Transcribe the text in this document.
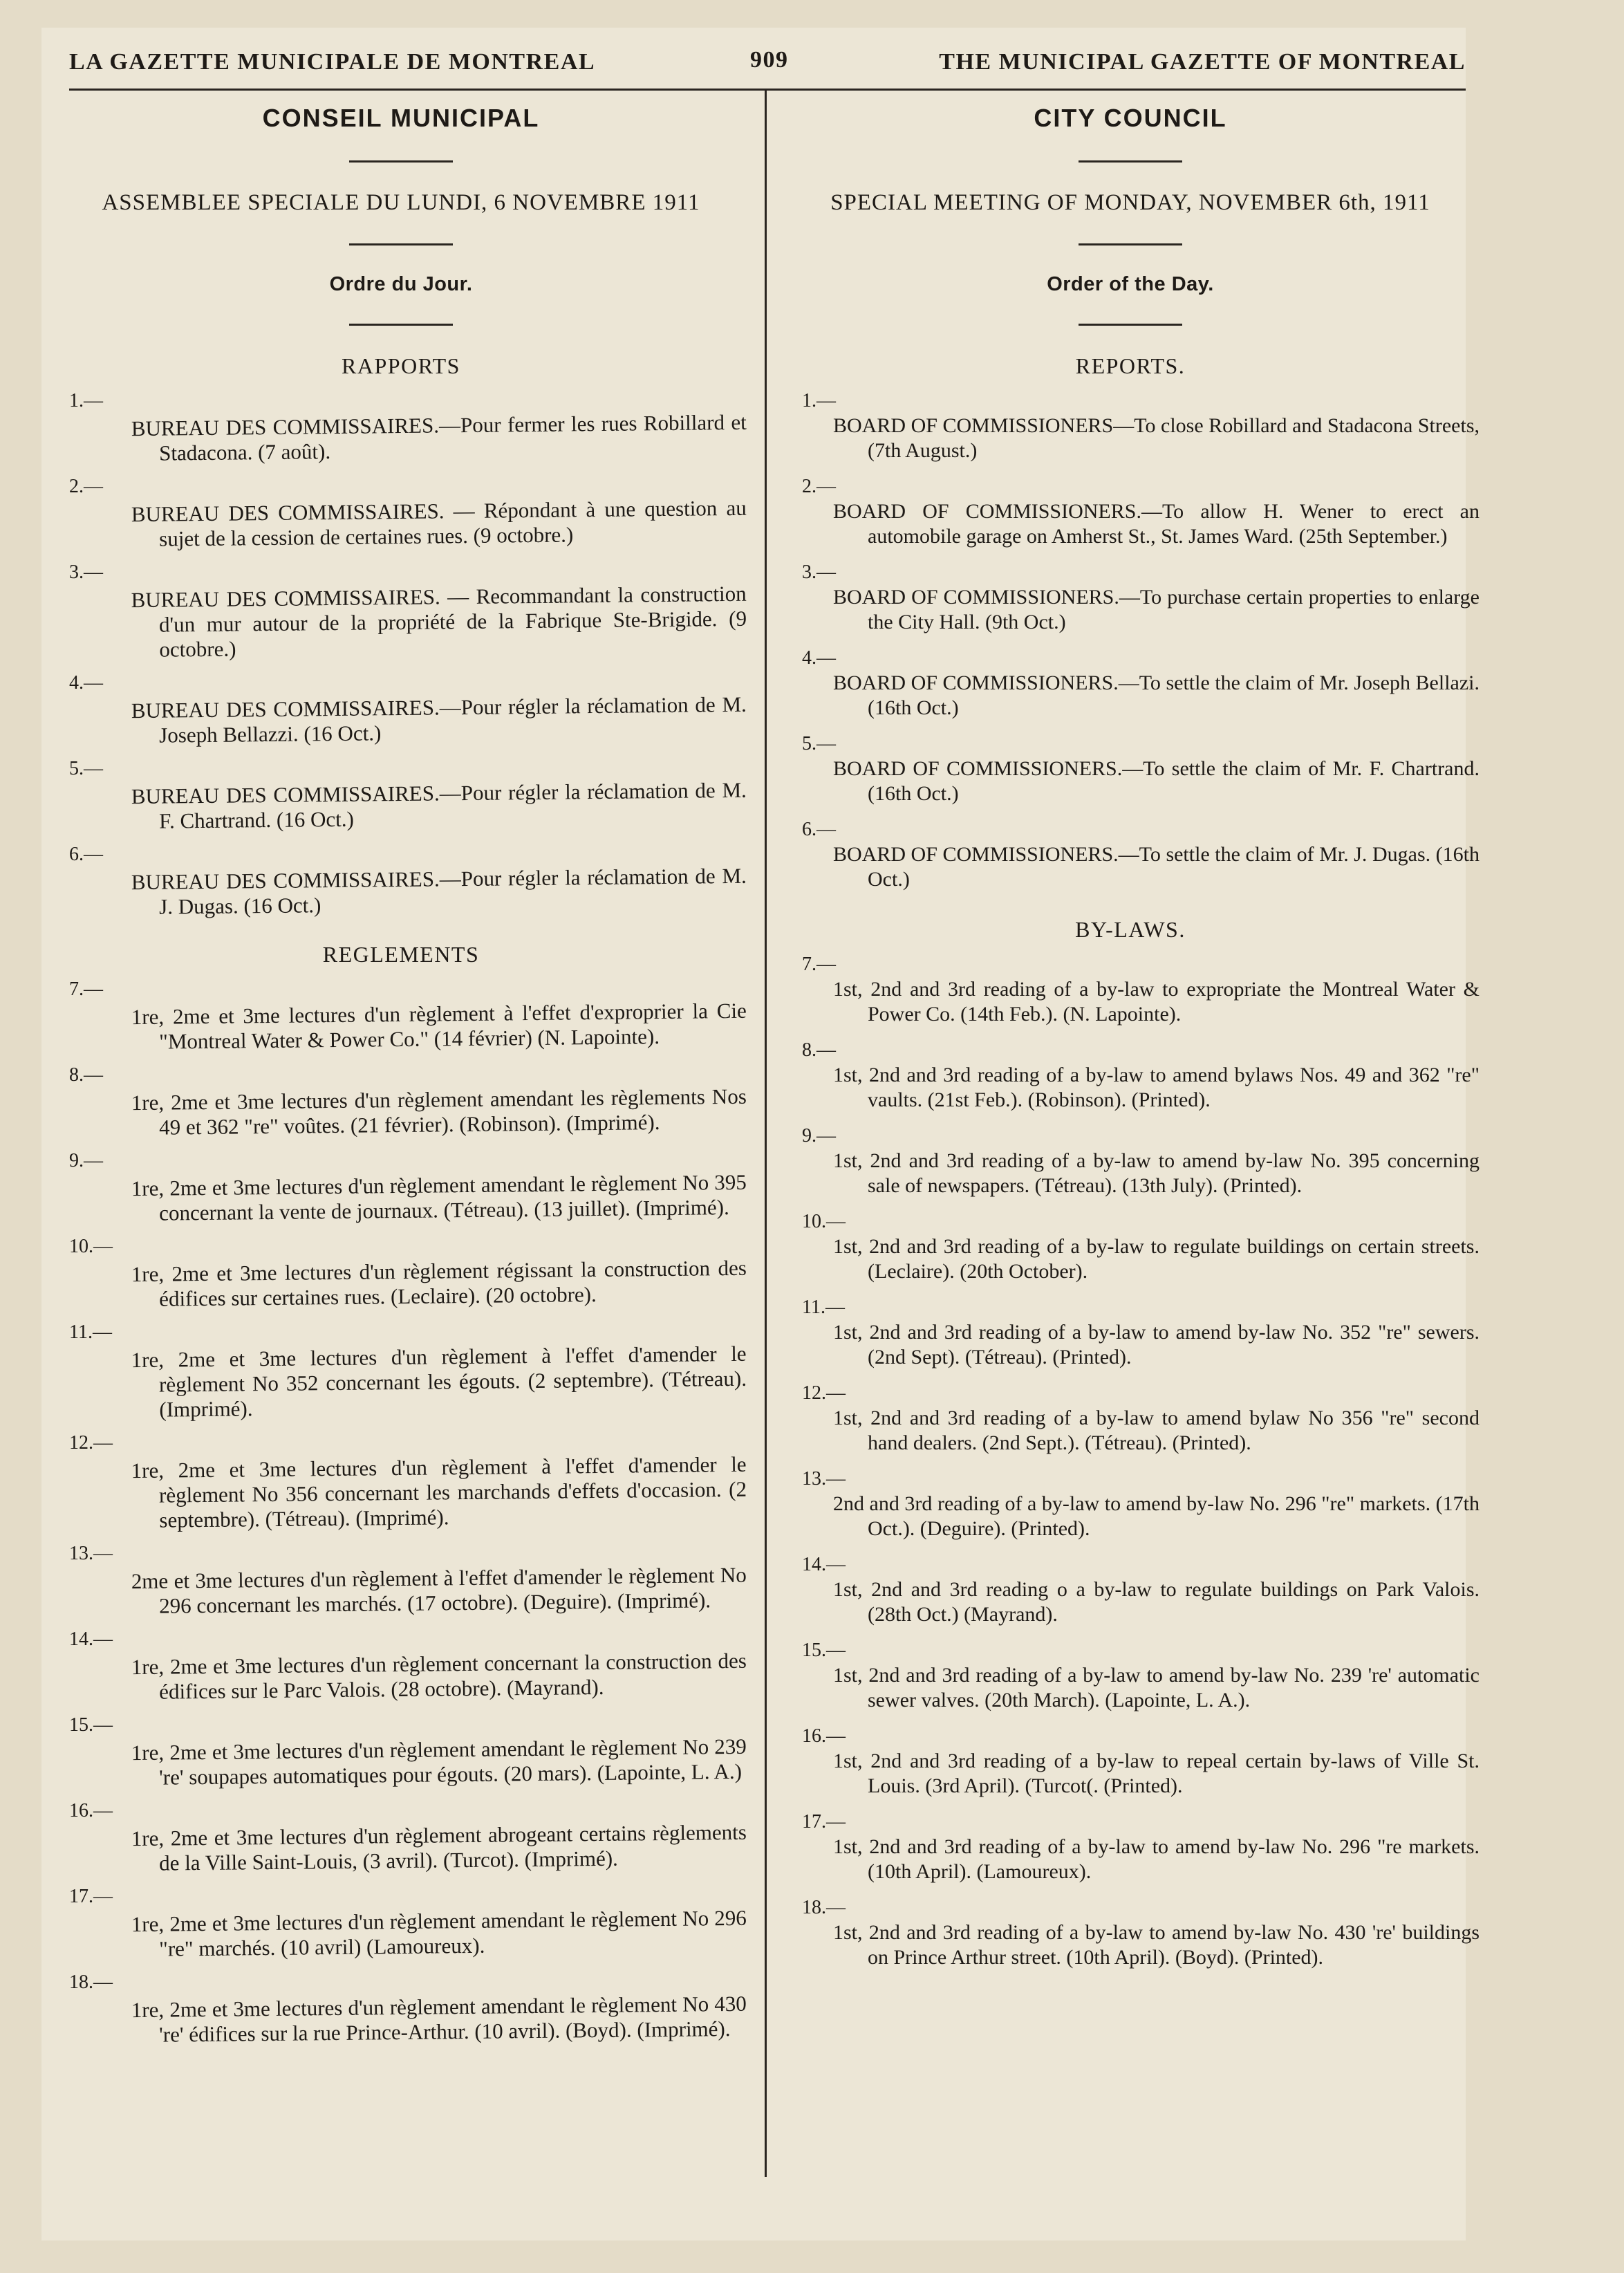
LA GAZETTE MUNICIPALE DE MONTREAL	909	THE MUNICIPAL GAZETTE OF MONTREAL
CONSEIL MUNICIPAL
ASSEMBLEE SPECIALE DU LUNDI, 6 NOVEMBRE 1911
Ordre du Jour.
RAPPORTS
1.—
BUREAU DES COMMISSAIRES.—Pour fermer les rues Robillard et Stadacona. (7 août).
2.—
BUREAU DES COMMISSAIRES. — Répondant à une question au sujet de la cession de certaines rues. (9 octobre.)
3.—
BUREAU DES COMMISSAIRES. — Recommandant la construction d'un mur autour de la propriété de la Fabrique Ste-Brigide. (9 octobre.)
4.—
BUREAU DES COMMISSAIRES.—Pour régler la réclamation de M. Joseph Bellazzi. (16 Oct.)
5.—
BUREAU DES COMMISSAIRES.—Pour régler la réclamation de M. F. Chartrand. (16 Oct.)
6.—
BUREAU DES COMMISSAIRES.—Pour régler la réclamation de M. J. Dugas. (16 Oct.)
REGLEMENTS
7.—
1re, 2me et 3me lectures d'un règlement à l'effet d'exproprier la Cie "Montreal Water & Power Co." (14 février) (N. Lapointe).
8.—
1re, 2me et 3me lectures d'un règlement amendant les règlements Nos 49 et 362 "re" voûtes. (21 février). (Robinson). (Imprimé).
9.—
1re, 2me et 3me lectures d'un règlement amendant le règlement No 395 concernant la vente de journaux. (Tétreau). (13 juillet). (Imprimé).
10.—
1re, 2me et 3me lectures d'un règlement régissant la construction des édifices sur certaines rues. (Leclaire). (20 octobre).
11.—
1re, 2me et 3me lectures d'un règlement à l'effet d'amender le règlement No 352 concernant les égouts. (2 septembre). (Tétreau). (Imprimé).
12.—
1re, 2me et 3me lectures d'un règlement à l'effet d'amender le règlement No 356 concernant les marchands d'effets d'occasion. (2 septembre). (Tétreau). (Imprimé).
13.—
2me et 3me lectures d'un règlement à l'effet d'amender le règlement No 296 concernant les marchés. (17 octobre). (Deguire). (Imprimé).
14.—
1re, 2me et 3me lectures d'un règlement concernant la construction des édifices sur le Parc Valois. (28 octobre). (Mayrand).
15.—
1re, 2me et 3me lectures d'un règlement amendant le règlement No 239 're' soupapes automatiques pour égouts. (20 mars). (Lapointe, L. A.)
16.—
1re, 2me et 3me lectures d'un règlement abrogeant certains règlements de la Ville Saint-Louis, (3 avril). (Turcot). (Imprimé).
17.—
1re, 2me et 3me lectures d'un règlement amendant le règlement No 296 "re" marchés. (10 avril) (Lamoureux).
18.—
1re, 2me et 3me lectures d'un règlement amendant le règlement No 430 're' édifices sur la rue Prince-Arthur. (10 avril). (Boyd). (Imprimé).
CITY COUNCIL
SPECIAL MEETING OF MONDAY, NOVEMBER 6th, 1911
Order of the Day.
REPORTS.
1.—
BOARD OF COMMISSIONERS—To close Robillard and Stadacona Streets, (7th August.)
2.—
BOARD OF COMMISSIONERS.—To allow H. Wener to erect an automobile garage on Amherst St., St. James Ward. (25th September.)
3.—
BOARD OF COMMISSIONERS.—To purchase certain properties to enlarge the City Hall. (9th Oct.)
4.—
BOARD OF COMMISSIONERS.—To settle the claim of Mr. Joseph Bellazi. (16th Oct.)
5.—
BOARD OF COMMISSIONERS.—To settle the claim of Mr. F. Chartrand. (16th Oct.)
6.—
BOARD OF COMMISSIONERS.—To settle the claim of Mr. J. Dugas. (16th Oct.)
BY-LAWS.
7.—
1st, 2nd and 3rd reading of a by-law to expropriate the Montreal Water & Power Co. (14th Feb.). (N. Lapointe).
8.—
1st, 2nd and 3rd reading of a by-law to amend bylaws Nos. 49 and 362 "re" vaults. (21st Feb.). (Robinson). (Printed).
9.—
1st, 2nd and 3rd reading of a by-law to amend by-law No. 395 concerning sale of newspapers. (Tétreau). (13th July). (Printed).
10.—
1st, 2nd and 3rd reading of a by-law to regulate buildings on certain streets. (Leclaire). (20th October).
11.—
1st, 2nd and 3rd reading of a by-law to amend by-law No. 352 "re" sewers. (2nd Sept). (Tétreau). (Printed).
12.—
1st, 2nd and 3rd reading of a by-law to amend bylaw No 356 "re" second hand dealers. (2nd Sept.). (Tétreau). (Printed).
13.—
2nd and 3rd reading of a by-law to amend by-law No. 296 "re" markets. (17th Oct.). (Deguire). (Printed).
14.—
1st, 2nd and 3rd reading o a by-law to regulate buildings on Park Valois. (28th Oct.) (Mayrand).
15.—
1st, 2nd and 3rd reading of a by-law to amend by-law No. 239 're' automatic sewer valves. (20th March). (Lapointe, L. A.).
16.—
1st, 2nd and 3rd reading of a by-law to repeal certain by-laws of Ville St. Louis. (3rd April). (Turcot(. (Printed).
17.—
1st, 2nd and 3rd reading of a by-law to amend by-law No. 296 "re markets. (10th April). (Lamoureux).
18.—
1st, 2nd and 3rd reading of a by-law to amend by-law No. 430 're' buildings on Prince Arthur street. (10th April). (Boyd). (Printed).
